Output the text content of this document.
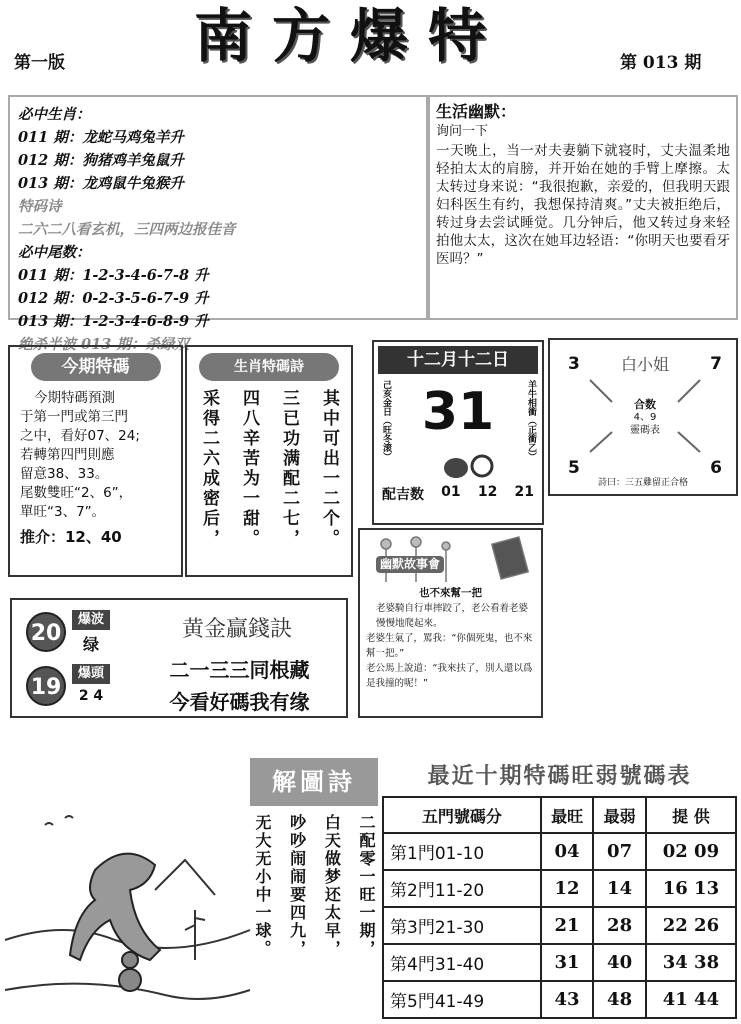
第一版	南方爆特	第 013 期
必中生肖：
011 期：龙蛇马鸡兔羊升
012 期：狗猪鸡羊兔鼠升
013 期：龙鸡鼠牛兔猴升
特码诗
二六二八看玄机，三四两边报佳音
必中尾数：
011 期：1-2-3-4-6-7-8 升
012 期：0-2-3-5-6-7-9 升
013 期：1-2-3-4-6-8-9 升
绝杀半波 013 期：杀绿双
生活幽默：
询问一下
一天晚上，当一对夫妻躺下就寝时，丈夫温柔地轻拍太太的肩膀，并开始在她的手臂上摩擦。太太转过身来说：“我很抱歉，亲爱的，但我明天跟妇科医生有约，我想保持清爽。”丈夫被拒绝后，转过身去尝试睡觉。几分钟后，他又转过身来轻拍他太太，这次在她耳边轻语：“你明天也要看牙医吗？”
今期特碼
今期特碼預測
于第一門或第三門
之中，看好07、24;
若轉第四門則應
留意38、33。
尾數雙旺“2、6”，
單旺“3、7”。
推介：12、40
生肖特碼詩
采得二六成密后， 四八辛苦为一甜。 三已功满配二七， 其中可出一二个。
十二月十二日
己亥金日（旺冬滚） 31	羊牛相衝（正衝乙）
配吉数 01 12 21
3	7
5	6
白小姐
合数
4、9
靈碼表
詩曰：三五雞留正合格
幽默故事會
也不來幫一把
老婆騎自行車摔跤了，老公看着老婆慢慢地爬起來。
老婆生氣了，罵我：“你個死鬼，也不來幫一把。”
老公馬上說道：“我來扶了，別人還以爲是我撞的呢！”
20
爆波
绿
19
爆頭
2 4
黄金贏錢訣
二一三三同根藏
今看好碼我有缘
解圖詩
无大无小中一球。 吵吵闹闹要四九， 白天做梦还太早， 二配零一旺一期，
最近十期特碼旺弱號碼表
五門號碼分	最旺	最弱	提 供
第1門01-10	04	07	02 09
第2門11-20	12	14	16 13
第3門21-30	21	28	22 26
第4門31-40	31	40	34 38
第5門41-49	43	48	41 44
